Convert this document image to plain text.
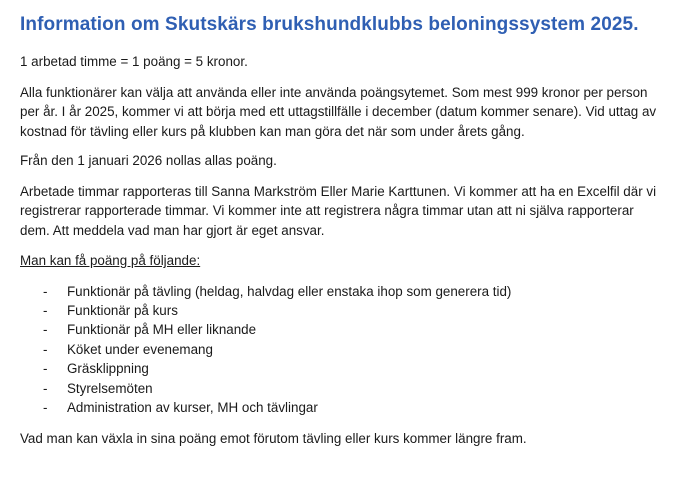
Information om Skutskärs brukshundklubbs beloningssystem 2025.

1 arbetad timme = 1 poäng = 5 kronor.

Alla funktionärer kan välja att använda eller inte använda poängsytemet. Som mest 999 kronor per person per år. I år 2025, kommer vi att börja med ett uttagstillfälle i december (datum kommer senare). Vid uttag av kostnad för tävling eller kurs på klubben kan man göra det när som under årets gång.

Från den 1 januari 2026 nollas allas poäng.

Arbetade timmar rapporteras till Sanna Markström Eller Marie Karttunen. Vi kommer att ha en Excelfil där vi registrerar rapporterade timmar. Vi kommer inte att registrera några timmar utan att ni själva rapporterar dem. Att meddela vad man har gjort är eget ansvar.

Man kan få poäng på följande:

- Funktionär på tävling (heldag, halvdag eller enstaka ihop som generera tid)
- Funktionär på kurs
- Funktionär på MH eller liknande
- Köket under evenemang
- Gräsklippning
- Styrelsemöten
- Administration av kurser, MH och tävlingar

Vad man kan växla in sina poäng emot förutom tävling eller kurs kommer längre fram.
